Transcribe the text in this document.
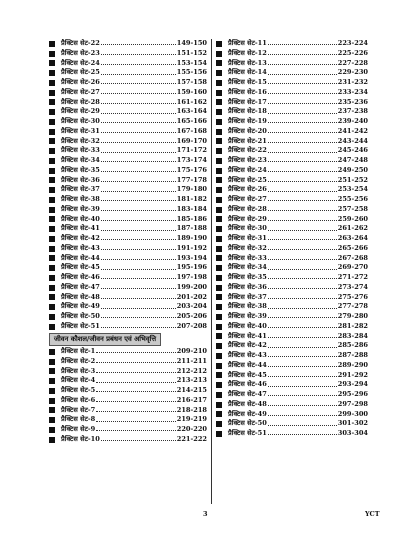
प्रैक्टिस सेट-22	149-150
प्रैक्टिस सेट-23	151-152
प्रैक्टिस सेट-24	153-154
प्रैक्टिस सेट-25	155-156
प्रैक्टिस सेट-26	157-158
प्रैक्टिस सेट-27	159-160
प्रैक्टिस सेट-28	161-162
प्रैक्टिस सेट-29	163-164
प्रैक्टिस सेट-30	165-166
प्रैक्टिस सेट-31	167-168
प्रैक्टिस सेट-32	169-170
प्रैक्टिस सेट-33	171-172
प्रैक्टिस सेट-34	173-174
प्रैक्टिस सेट-35	175-176
प्रैक्टिस सेट-36	177-178
प्रैक्टिस सेट-37	179-180
प्रैक्टिस सेट-38	181-182
प्रैक्टिस सेट-39	183-184
प्रैक्टिस सेट-40	185-186
प्रैक्टिस सेट-41	187-188
प्रैक्टिस सेट-42	189-190
प्रैक्टिस सेट-43	191-192
प्रैक्टिस सेट-44	193-194
प्रैक्टिस सेट-45	195-196
प्रैक्टिस सेट-46	197-198
प्रैक्टिस सेट-47	199-200
प्रैक्टिस सेट-48	201-202
प्रैक्टिस सेट-49	203-204
प्रैक्टिस सेट-50	205-206
प्रैक्टिस सेट-51	207-208
जीवन कौशल/जीवन प्रबंधन एवं अभिवृत्ति
प्रैक्टिस सेट-1	209-210
प्रैक्टिस सेट-2	211-211
प्रैक्टिस सेट-3	212-212
प्रैक्टिस सेट-4	213-213
प्रैक्टिस सेट-5	214-215
प्रैक्टिस सेट-6	216-217
प्रैक्टिस सेट-7	218-218
प्रैक्टिस सेट-8	219-219
प्रैक्टिस सेट-9	220-220
प्रैक्टिस सेट-10	221-222
प्रैक्टिस सेट-11	223-224
प्रैक्टिस सेट-12	225-226
प्रैक्टिस सेट-13	227-228
प्रैक्टिस सेट-14	229-230
प्रैक्टिस सेट-15	231-232
प्रैक्टिस सेट-16	233-234
प्रैक्टिस सेट-17	235-236
प्रैक्टिस सेट-18	237-238
प्रैक्टिस सेट-19	239-240
प्रैक्टिस सेट-20	241-242
प्रैक्टिस सेट-21	243-244
प्रैक्टिस सेट-22	245-246
प्रैक्टिस सेट-23	247-248
प्रैक्टिस सेट-24	249-250
प्रैक्टिस सेट-25	251-252
प्रैक्टिस सेट-26	253-254
प्रैक्टिस सेट-27	255-256
प्रैक्टिस सेट-28	257-258
प्रैक्टिस सेट-29	259-260
प्रैक्टिस सेट-30	261-262
प्रैक्टिस सेट-31	263-264
प्रैक्टिस सेट-32	265-266
प्रैक्टिस सेट-33	267-268
प्रैक्टिस सेट-34	269-270
प्रैक्टिस सेट-35	271-272
प्रैक्टिस सेट-36	273-274
प्रैक्टिस सेट-37	275-276
प्रैक्टिस सेट-38	277-278
प्रैक्टिस सेट-39	279-280
प्रैक्टिस सेट-40	281-282
प्रैक्टिस सेट-41	283-284
प्रैक्टिस सेट-42	285-286
प्रैक्टिस सेट-43	287-288
प्रैक्टिस सेट-44	289-290
प्रैक्टिस सेट-45	291-292
प्रैक्टिस सेट-46	293-294
प्रैक्टिस सेट-47	295-296
प्रैक्टिस सेट-48	297-298
प्रैक्टिस सेट-49	299-300
प्रैक्टिस सेट-50	301-302
प्रैक्टिस सेट-51	303-304
3	YCT
